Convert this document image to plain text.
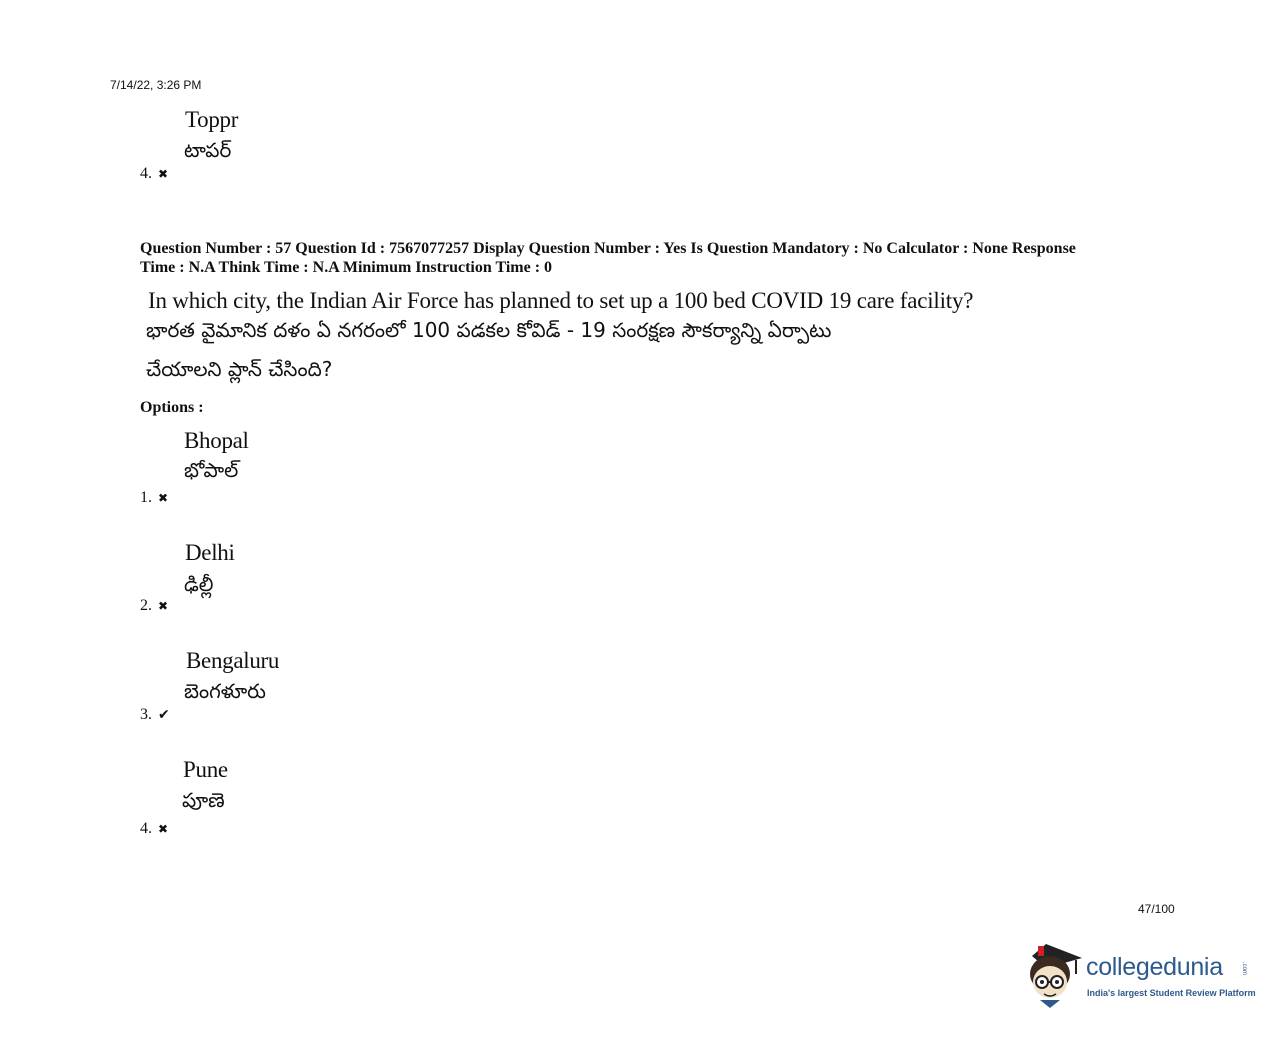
7/14/22, 3:26 PM
Toppr
టాపర్
4. ✖
Question Number : 57 Question Id : 7567077257 Display Question Number : Yes Is Question Mandatory : No Calculator : None Response
Time : N.A Think Time : N.A Minimum Instruction Time : 0
In which city, the Indian Air Force has planned to set up a 100 bed COVID 19 care facility?
భారత వైమానిక దళం ఏ నగరంలో 100 పడకల కోవిడ్ - 19 సంరక్షణ సౌకర్యాన్ని ఏర్పాటు
చేయాలని ప్లాన్ చేసింది?
Options :
Bhopal
భోపాల్
1. ✖
Delhi
ఢిల్లీ
2. ✖
Bengaluru
బెంగళూరు
3. ✔
Pune
పూణె
4. ✖
47/100
collegedunia	.com
India's largest Student Review Platform
